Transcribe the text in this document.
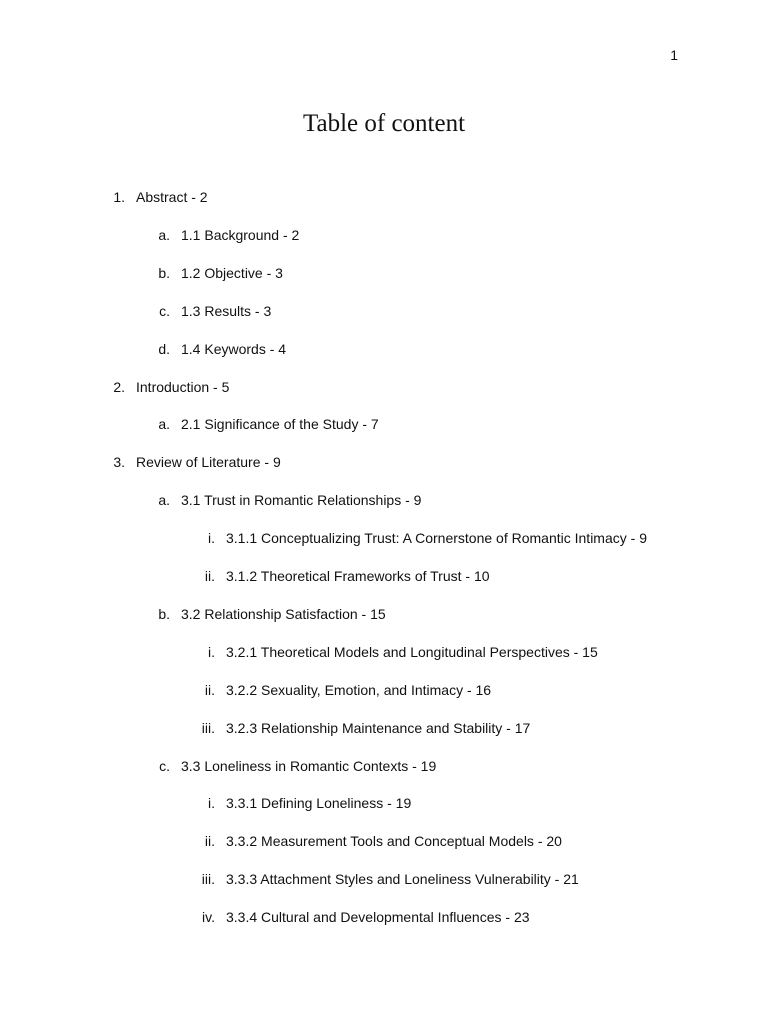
1
Table of content
1. Abstract - 2
a. 1.1 Background - 2
b. 1.2 Objective - 3
c. 1.3 Results - 3
d. 1.4 Keywords - 4
2. Introduction - 5
a. 2.1 Significance of the Study - 7
3. Review of Literature - 9
a. 3.1 Trust in Romantic Relationships - 9
i. 3.1.1 Conceptualizing Trust: A Cornerstone of Romantic Intimacy - 9
ii. 3.1.2 Theoretical Frameworks of Trust - 10
b. 3.2 Relationship Satisfaction - 15
i. 3.2.1 Theoretical Models and Longitudinal Perspectives - 15
ii. 3.2.2 Sexuality, Emotion, and Intimacy - 16
iii. 3.2.3 Relationship Maintenance and Stability - 17
c. 3.3 Loneliness in Romantic Contexts - 19
i. 3.3.1 Defining Loneliness - 19
ii. 3.3.2 Measurement Tools and Conceptual Models - 20
iii. 3.3.3 Attachment Styles and Loneliness Vulnerability - 21
iv. 3.3.4 Cultural and Developmental Influences - 23
